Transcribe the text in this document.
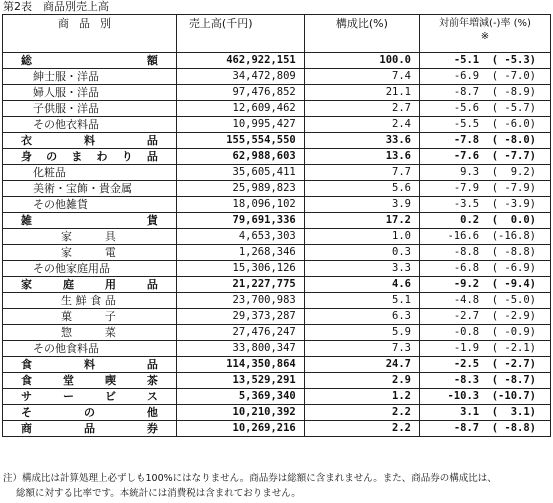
第2表　商品別売上高
商品別	売上高(千円)	構成比(%)	対前年増減(-)率 (%)
※

総　額	462,922,151	100.0	-5.1  ( -5.3)
紳士服・洋品	34,472,809	7.4	-6.9  ( -7.0)
婦人服・洋品	97,476,852	21.1	-8.7  ( -8.9)
子供服・洋品	12,609,462	2.7	-5.6  ( -5.7)
その他衣料品	10,995,427	2.4	-5.5  ( -6.0)
衣料品	155,554,550	33.6	-7.8  ( -8.0)
身のまわり品	62,988,603	13.6	-7.6  ( -7.7)
化粧品	35,605,411	7.7	9.3  (  9.2)
美術・宝飾・貴金属	25,989,823	5.6	-7.9  ( -7.9)
その他雑貨	18,096,102	3.9	-3.5  ( -3.9)
雑貨	79,691,336	17.2	0.2  (  0.0)
家具	4,653,303	1.0	-16.6  (-16.8)
家電	1,268,346	0.3	-8.8  ( -8.8)
その他家庭用品	15,306,126	3.3	-6.8  ( -6.9)
家庭用品	21,227,775	4.6	-9.2  ( -9.4)
生鮮食品	23,700,983	5.1	-4.8  ( -5.0)
菓子	29,373,287	6.3	-2.7  ( -2.9)
惣菜	27,476,247	5.9	-0.8  ( -0.9)
その他食料品	33,800,347	7.3	-1.9  ( -2.1)
食料品	114,350,864	24.7	-2.5  ( -2.7)
食堂喫茶	13,529,291	2.9	-8.3  ( -8.7)
サービス	5,369,340	1.2	-10.3  (-10.7)
その他	10,210,392	2.2	3.1  (  3.1)
商品券	10,269,216	2.2	-8.7  ( -8.8)
注）構成比は計算処理上必ずしも100%にはなりません。商品券は総額に含まれません。また、商品券の構成比は、
総額に対する比率です。本統計には消費税は含まれておりません。
